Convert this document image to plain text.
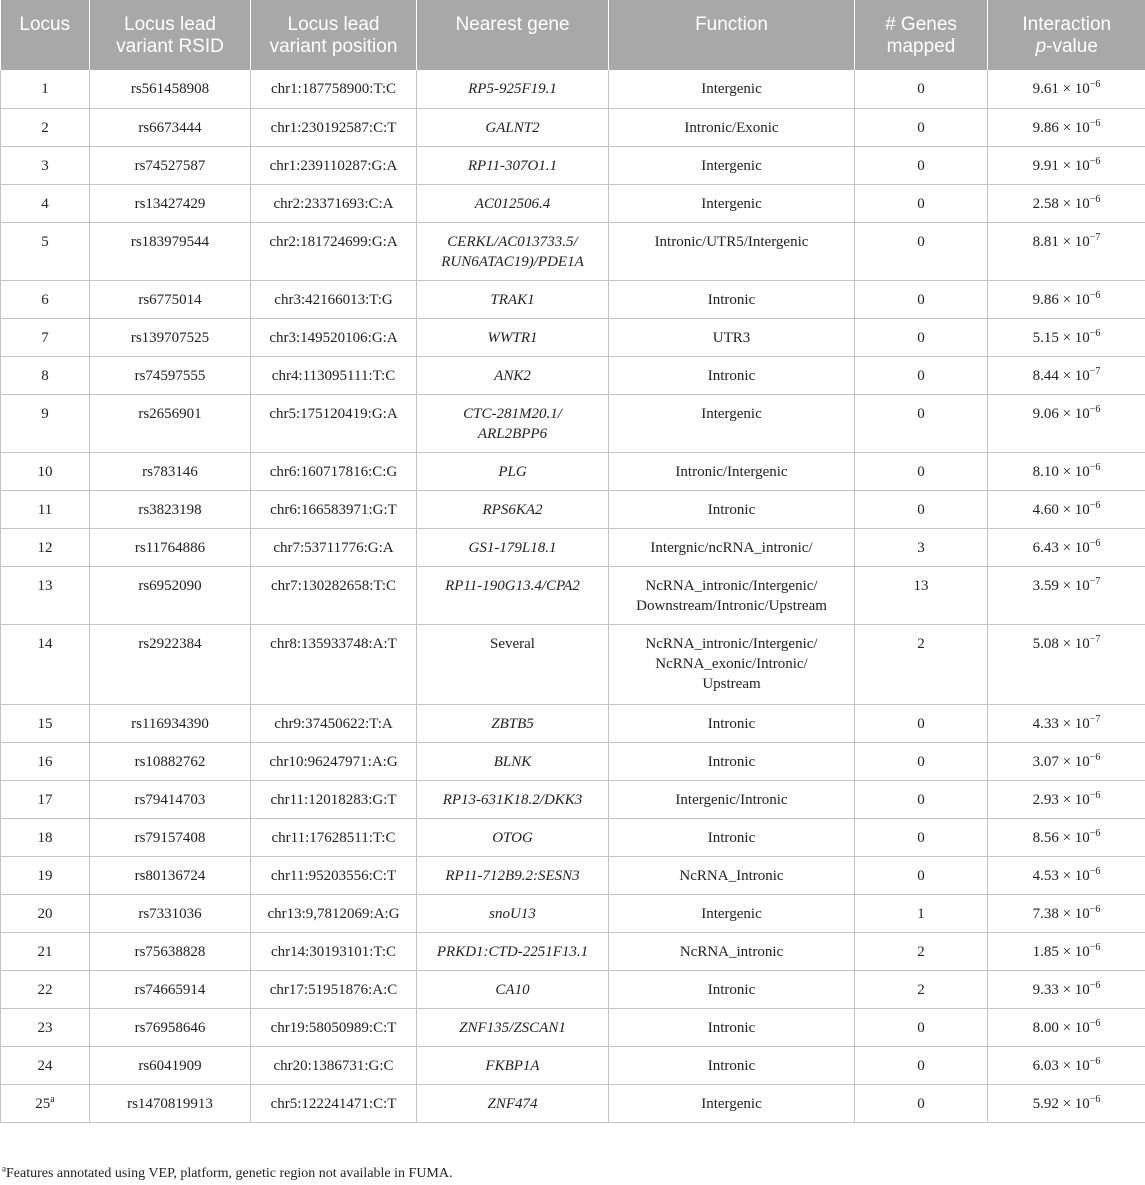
Locus	Locus lead variant RSID	Locus lead variant position	Nearest gene	Function	# Genes mapped	Interaction
p-value
1	rs561458908	chr1:187758900:T:C	RP5-925F19.1	Intergenic	0	$9.61 \times 10^{-6}$
2	rs6673444	chr1:230192587:C:T	GALNT2	Intronic/Exonic	0	$9.86 \times 10^{-6}$
3	rs74527587	chr1:239110287:G:A	RP11-307O1.1	Intergenic	0	$9.91 \times 10^{-6}$
4	rs13427429	chr2:23371693:C:A	AC012506.4	Intergenic	0	$2.58 \times 10^{-6}$
5	rs183979544	chr2:181724699:G:A	CERKL/AC013733.5/
RUN6ATAC19)/PDE1A	Intronic/UTR5/Intergenic	0	$8.81 \times 10^{-7}$
6	rs6775014	chr3:42166013:T:G	TRAK1	Intronic	0	$9.86 \times 10^{-6}$
7	rs139707525	chr3:149520106:G:A	WWTR1	UTR3	0	$5.15 \times 10^{-6}$
8	rs74597555	chr4:113095111:T:C	ANK2	Intronic	0	$8.44 \times 10^{-7}$
9	rs2656901	chr5:175120419:G:A	CTC-281M20.1/
ARL2BPP6	Intergenic	0	$9.06 \times 10^{-6}$
10	rs783146	chr6:160717816:C:G	PLG	Intronic/Intergenic	0	$8.10 \times 10^{-6}$
11	rs3823198	chr6:166583971:G:T	RPS6KA2	Intronic	0	$4.60 \times 10^{-6}$
12	rs11764886	chr7:53711776:G:A	GS1-179L18.1	Intergnic/ncRNA_intronic/	3	$6.43 \times 10^{-6}$
13	rs6952090	chr7:130282658:T:C	RP11-190G13.4/CPA2	NcRNA_intronic/Intergenic/
Downstream/Intronic/Upstream	13	$3.59 \times 10^{-7}$
14	rs2922384	chr8:135933748:A:T	Several	NcRNA_intronic/Intergenic/
NcRNA_exonic/Intronic/
Upstream	2	$5.08 \times 10^{-7}$
15	rs116934390	chr9:37450622:T:A	ZBTB5	Intronic	0	$4.33 \times 10^{-7}$
16	rs10882762	chr10:96247971:A:G	BLNK	Intronic	0	$3.07 \times 10^{-6}$
17	rs79414703	chr11:12018283:G:T	RP13-631K18.2/DKK3	Intergenic/Intronic	0	$2.93 \times 10^{-6}$
18	rs79157408	chr11:17628511:T:C	OTOG	Intronic	0	$8.56 \times 10^{-6}$
19	rs80136724	chr11:95203556:C:T	RP11-712B9.2:SESN3	NcRNA_Intronic	0	$4.53 \times 10^{-6}$
20	rs7331036	chr13:9,7812069:A:G	snoU13	Intergenic	1	$7.38 \times 10^{-6}$
21	rs75638828	chr14:30193101:T:C	PRKD1:CTD-2251F13.1	NcRNA_intronic	2	$1.85 \times 10^{-6}$
22	rs74665914	chr17:51951876:A:C	CA10	Intronic	2	$9.33 \times 10^{-6}$
23	rs76958646	chr19:58050989:C:T	ZNF135/ZSCAN1	Intronic	0	$8.00 \times 10^{-6}$
24	rs6041909	chr20:1386731:G:C	FKBP1A	Intronic	0	$6.03 \times 10^{-6}$
25$^a$	rs1470819913	chr5:122241471:C:T	ZNF474	Intergenic	0	$5.92 \times 10^{-6}$
$^a$Features annotated using VEP, platform, genetic region not available in FUMA.
